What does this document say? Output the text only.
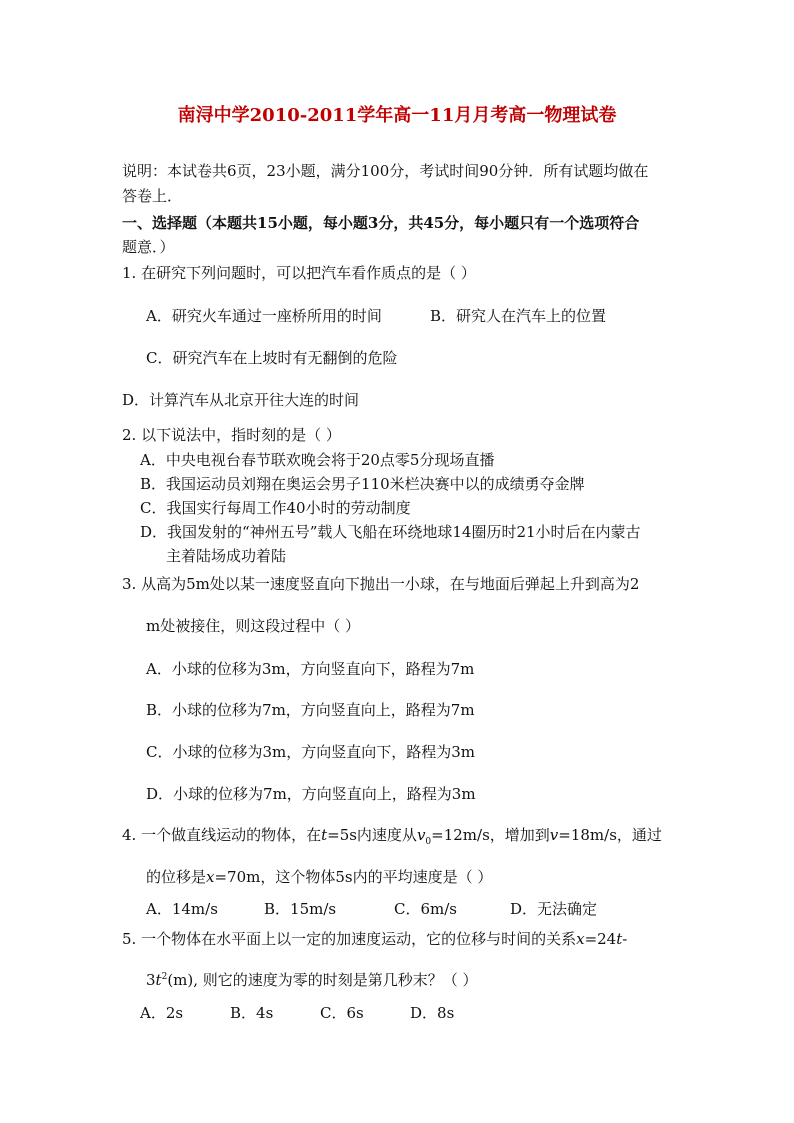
南浔中学2010-2011学年高一11月月考高一物理试卷
说明：本试卷共6页，23小题，满分100分，考试时间90分钟．所有试题均做在
答卷上．
一、选择题（本题共15小题，每小题3分，共45分，每小题只有一个选项符合
题意．）
1. 在研究下列问题时，可以把汽车看作质点的是（ ）
A．研究火车通过一座桥所用的时间	B．研究人在汽车上的位置
C．研究汽车在上坡时有无翻倒的危险
D．计算汽车从北京开往大连的时间
2. 以下说法中，指时刻的是（ ）
A．中央电视台春节联欢晚会将于20点零5分现场直播
B．我国运动员刘翔在奥运会男子110米栏决赛中以的成绩勇夺金牌
C．我国实行每周工作40小时的劳动制度
D．我国发射的“神州五号”载人飞船在环绕地球14圈历时21小时后在内蒙古
主着陆场成功着陆
3. 从高为5m处以某一速度竖直向下抛出一小球，在与地面后弹起上升到高为2
m处被接住，则这段过程中（ ）
A．小球的位移为3m，方向竖直向下，路程为7m
B．小球的位移为7m，方向竖直向上，路程为7m
C．小球的位移为3m，方向竖直向下，路程为3m
D．小球的位移为7m，方向竖直向上，路程为3m
4. 一个做直线运动的物体，在t=5s内速度从$v_0=12m/s$，增加到v=18m/s，通过
的位移是x=70m，这个物体5s内的平均速度是（ ）
A．14m/s	B．15m/s	C．6m/s	D．无法确定
5. 一个物体在水平面上以一定的加速度运动，它的位移与时间的关系x=24t-
$3t^2(m)$, 则它的速度为零的时刻是第几秒末？（ ）
A．2s	B．4s	C．6s	D．8s
